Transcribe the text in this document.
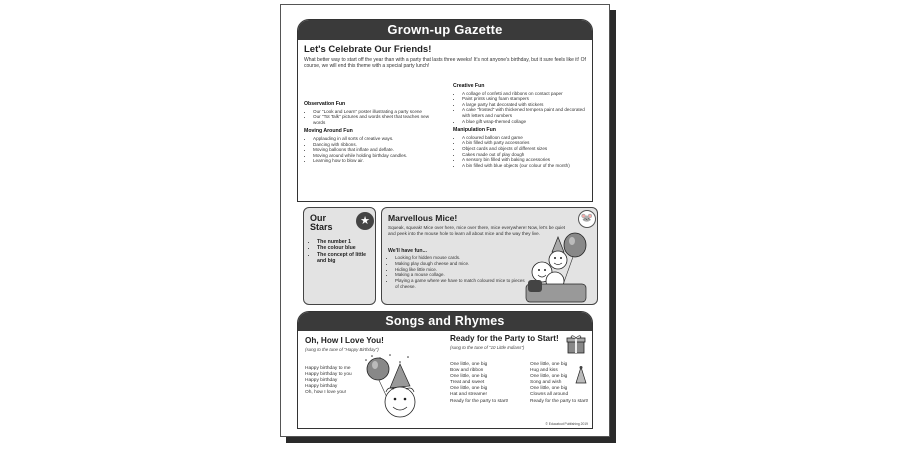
Grown-up Gazette
Let's Celebrate Our Friends!
What better way to start off the year than with a party that lasts three weeks! It's not anyone's birthday, but it sure feels like it! Of course, we will end this theme with a special party lunch!
Observation Fun
• Our "Look and Learn" poster illustrating a party scene
• Our "Tot Talk" pictures and words sheet that teaches new words
Moving Around Fun
• Applauding in all sorts of creative ways.
• Dancing with ribbons.
• Moving balloons that inflate and deflate.
• Moving around while holding birthday candles.
• Learning how to blow air.
Creative Fun
• A collage of confetti and ribbons on contact paper
• Paint prints using foam stampers
• A large party hat decorated with stickers
• A cake "frosted" with thickened tempera paint and decorated with letters and numbers
• A blue gift wrap-themed collage
Manipulation Fun
• A coloured balloon card game
• A bin filled with party accessories
• Object cards and objects of different sizes
• Cakes made out of play dough
• A sensory bin filled with baking accessories
• A bin filled with blue objects (our colour of the month)
Our Stars	★
• The number 1
• The colour blue
• The concept of little and big
Marvellous Mice!	🐭
Squeak, squeak! Mice over here, mice over there, mice everywhere! Now, let's be quiet and peek into the mouse hole to learn all about mice and the way they live.
We'll have fun...
• Looking for hidden mouse cards.
• Making play dough cheese and mice.
• Hiding like little mice.
• Making a mouse collage.
• Playing a game where we have to match coloured mice to pieces of cheese.
Songs and Rhymes
Oh, How I Love You!
(sung to the tune of "Happy Birthday")
Happy birthday to me
Happy birthday to you
Happy birthday
Happy birthday
Oh, how I love you!
Ready for the Party to Start!
(sung to the tune of "10 Little Indians")
One little, one big
Bow and ribbon
One little, one big
Treat and sweet
One little, one big
Hat and streamer
Ready for the party to start!
One little, one big
Hug and kiss
One little, one big
Song and wish
One little, one big
Clowns all around
Ready for the party to start!
© Educatout Publishing 2019
